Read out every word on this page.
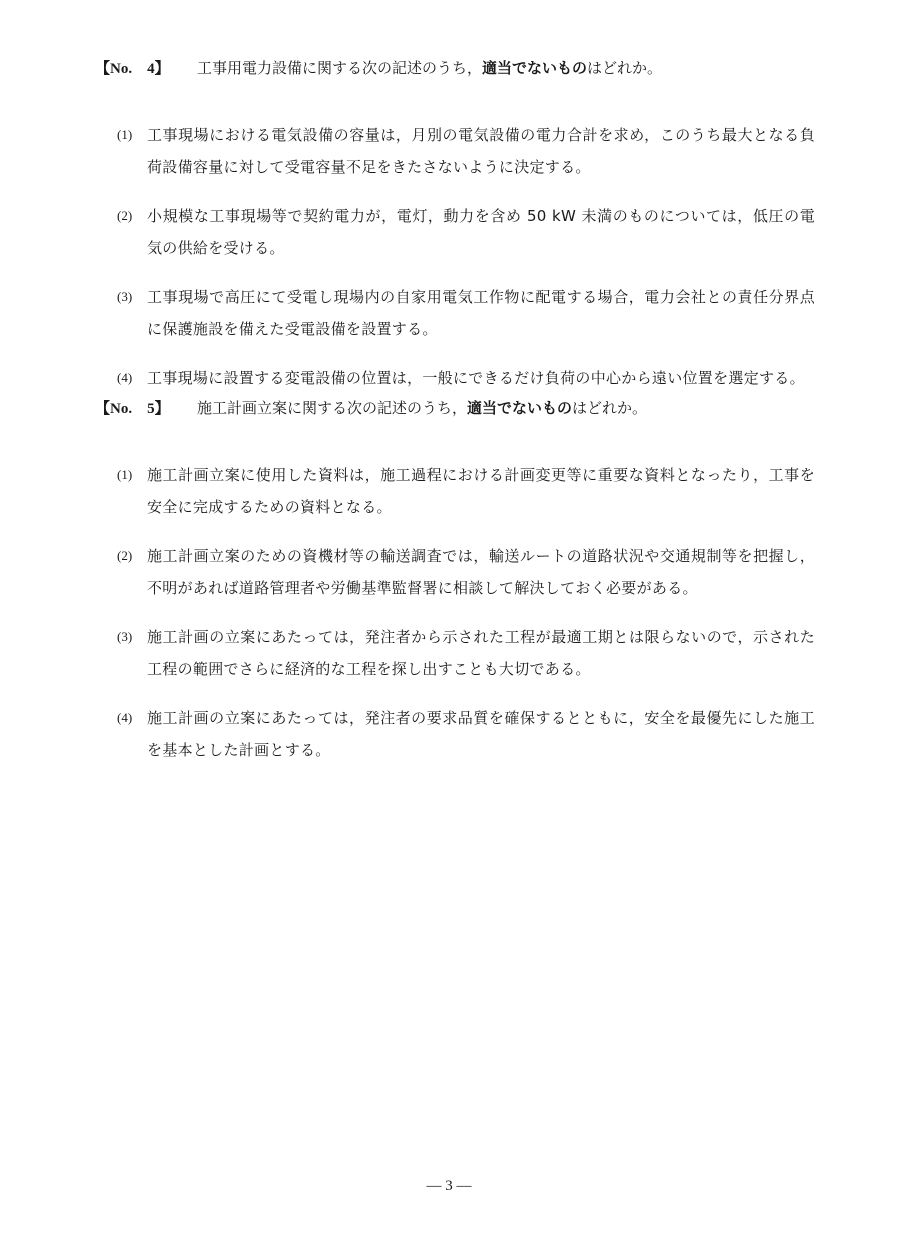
【No.    4】	工事用電力設備に関する次の記述のうち，適当でないものはどれか。
(1) 工事現場における電気設備の容量は，月別の電気設備の電力合計を求め，このうち最大となる負荷設備容量に対して受電容量不足をきたさないように決定する。
(2) 小規模な工事現場等で契約電力が，電灯，動力を含め 50 kW 未満のものについては，低圧の電気の供給を受ける。
(3) 工事現場で高圧にて受電し現場内の自家用電気工作物に配電する場合，電力会社との責任分界点に保護施設を備えた受電設備を設置する。
(4) 工事現場に設置する変電設備の位置は，一般にできるだけ負荷の中心から遠い位置を選定する。
【No.    5】	施工計画立案に関する次の記述のうち，適当でないものはどれか。
(1) 施工計画立案に使用した資料は，施工過程における計画変更等に重要な資料となったり，工事を安全に完成するための資料となる。
(2) 施工計画立案のための資機材等の輸送調査では，輸送ルートの道路状況や交通規制等を把握し，不明があれば道路管理者や労働基準監督署に相談して解決しておく必要がある。
(3) 施工計画の立案にあたっては，発注者から示された工程が最適工期とは限らないので，示された工程の範囲でさらに経済的な工程を探し出すことも大切である。
(4) 施工計画の立案にあたっては，発注者の要求品質を確保するとともに，安全を最優先にした施工を基本とした計画とする。
— 3 —
